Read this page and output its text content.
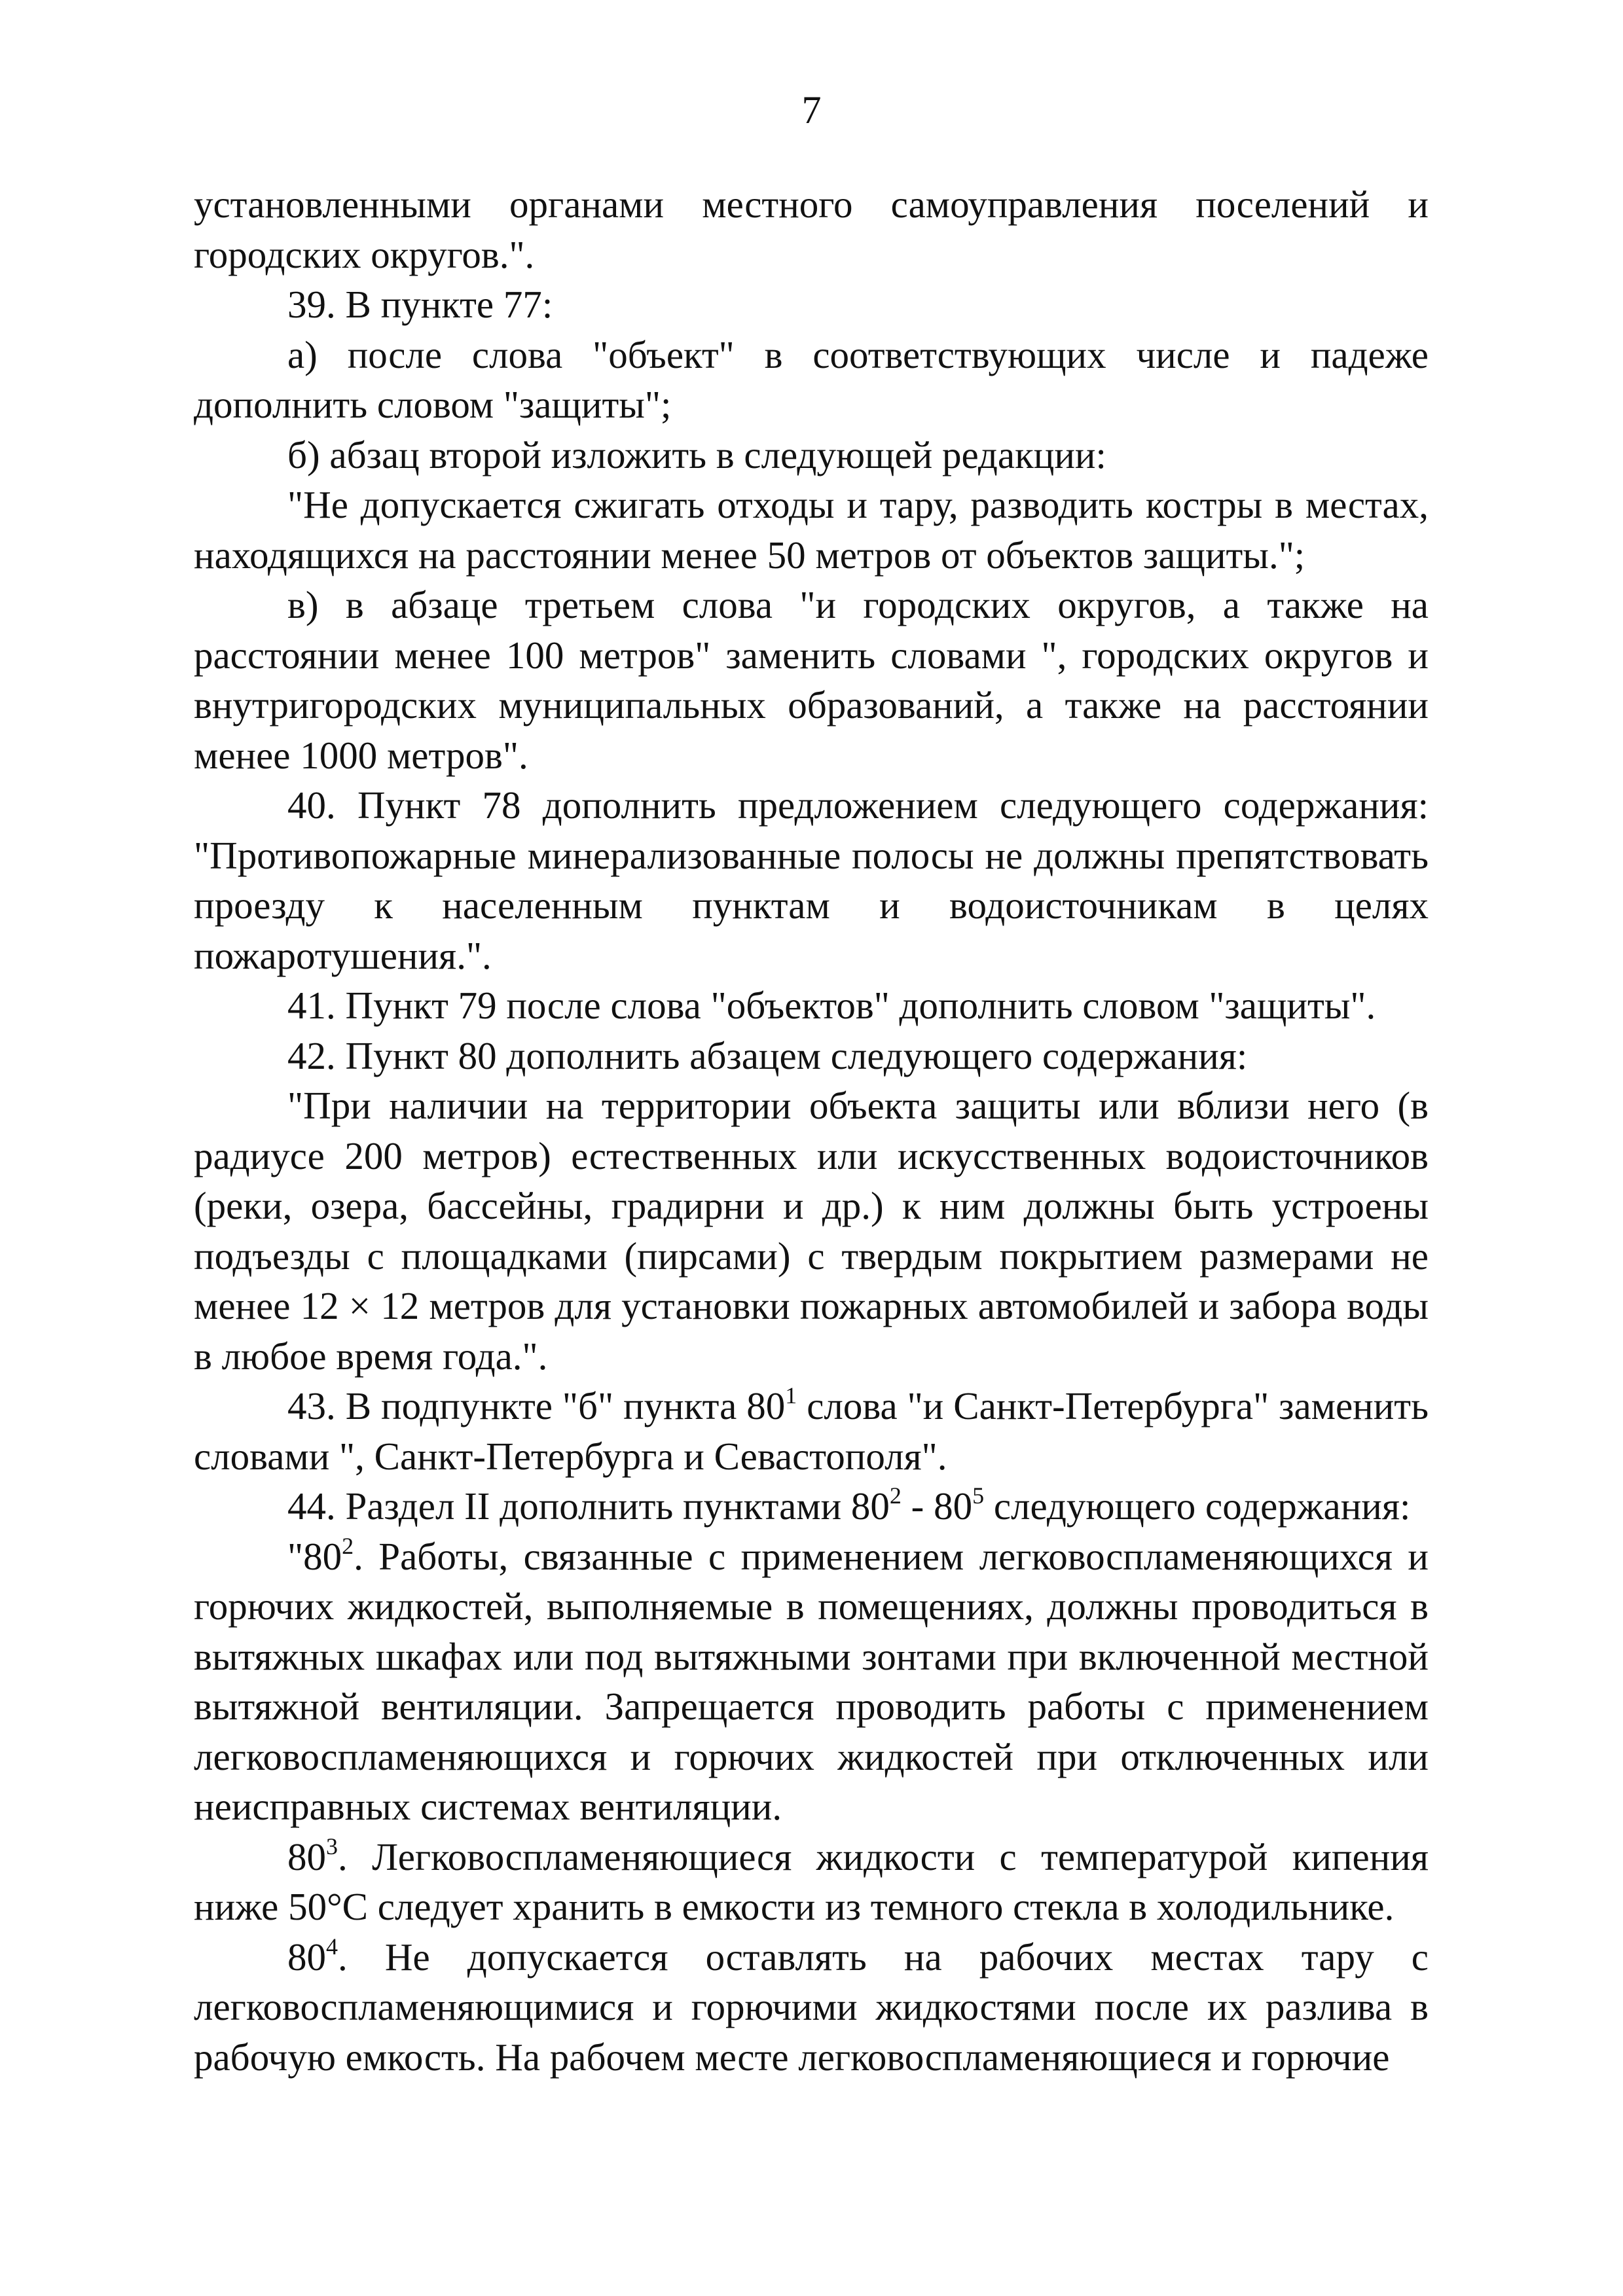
7

установленными органами местного самоуправления поселений и городских округов.".

39. В пункте 77:

а) после слова "объект" в соответствующих числе и падеже дополнить словом "защиты";

б) абзац второй изложить в следующей редакции:

"Не допускается сжигать отходы и тару, разводить костры в местах, находящихся на расстоянии менее 50 метров от объектов защиты.";

в) в абзаце третьем слова "и городских округов, а также на расстоянии менее 100 метров" заменить словами ", городских округов и внутригородских муниципальных образований, а также на расстоянии менее 1000 метров".

40. Пункт 78 дополнить предложением следующего содержания: "Противопожарные минерализованные полосы не должны препятствовать проезду к населенным пунктам и водоисточникам в целях пожаротушения.".

41. Пункт 79 после слова "объектов" дополнить словом "защиты".

42. Пункт 80 дополнить абзацем следующего содержания:

"При наличии на территории объекта защиты или вблизи него (в радиусе 200 метров) естественных или искусственных водоисточников (реки, озера, бассейны, градирни и др.) к ним должны быть устроены подъезды с площадками (пирсами) с твердым покрытием размерами не менее 12 × 12 метров для установки пожарных автомобилей и забора воды в любое время года.".

43. В подпункте "б" пункта $80^1$ слова "и Санкт-Петербурга" заменить словами ", Санкт-Петербурга и Севастополя".

44. Раздел II дополнить пунктами $80^2 - 80^5$ следующего содержания:

"$80^2$. Работы, связанные с применением легковоспламеняющихся и горючих жидкостей, выполняемые в помещениях, должны проводиться в вытяжных шкафах или под вытяжными зонтами при включенной местной вытяжной вентиляции. Запрещается проводить работы с применением легковоспламеняющихся и горючих жидкостей при отключенных или неисправных системах вентиляции.

$80^3$. Легковоспламеняющиеся жидкости с температурой кипения ниже 50°С следует хранить в емкости из темного стекла в холодильнике.

$80^4$. Не допускается оставлять на рабочих местах тару с легковоспламеняющимися и горючими жидкостями после их разлива в рабочую емкость. На рабочем месте легковоспламеняющиеся и горючие
